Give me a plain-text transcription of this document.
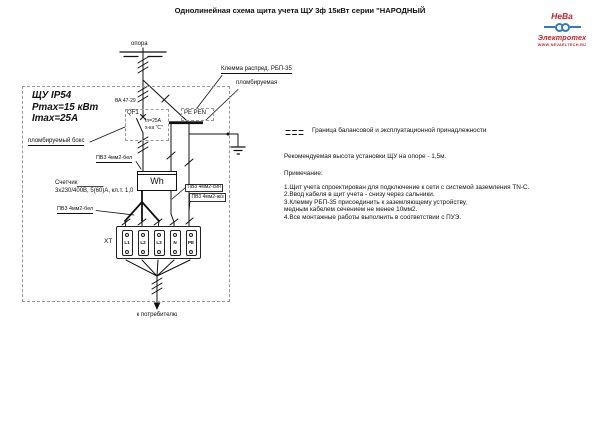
Однолинейная схема щита учета ЩУ 3ф 15кВт серии "НАРОДНЫЙ
НеВа
Электротех
WWW.NEVAELTECH.RU
опора
ЩУ IP54
Pmax=15 кВт
Imax=25А
Клемма распред. РБП-35
пломбируемая
ВА 47-29
QF1
In=25A
х-ка "С"
PE PEN
пломбируемый бокс
ПВ3 4мм2-бел
Счетчик
3х230/400В, 5(60)А, кл.т. 1,0
ПВ3 4мм2-бел
ПВ3 4мм2-син
ПВ3 4мм2-ж/з
Wh
XT	L1 L2 L3	N PE
к потребителю
Граница балансовой и эксплуатационной принадлежности
Рекомендуемая высота установки ЩУ на опоре - 1,5м.
Примечание:
1.Щит учета спроектирован для подключение к сети с системой заземления TN-C.
2.Ввод кабеля в щит учета - снизу через сальники.
3.Клемму РБП-35 присоединить к заземляющему устройству,
медным кабелем сечением не менее 10мм2.
4.Все монтажные работы выполнить в соответствии с ПУЭ.
